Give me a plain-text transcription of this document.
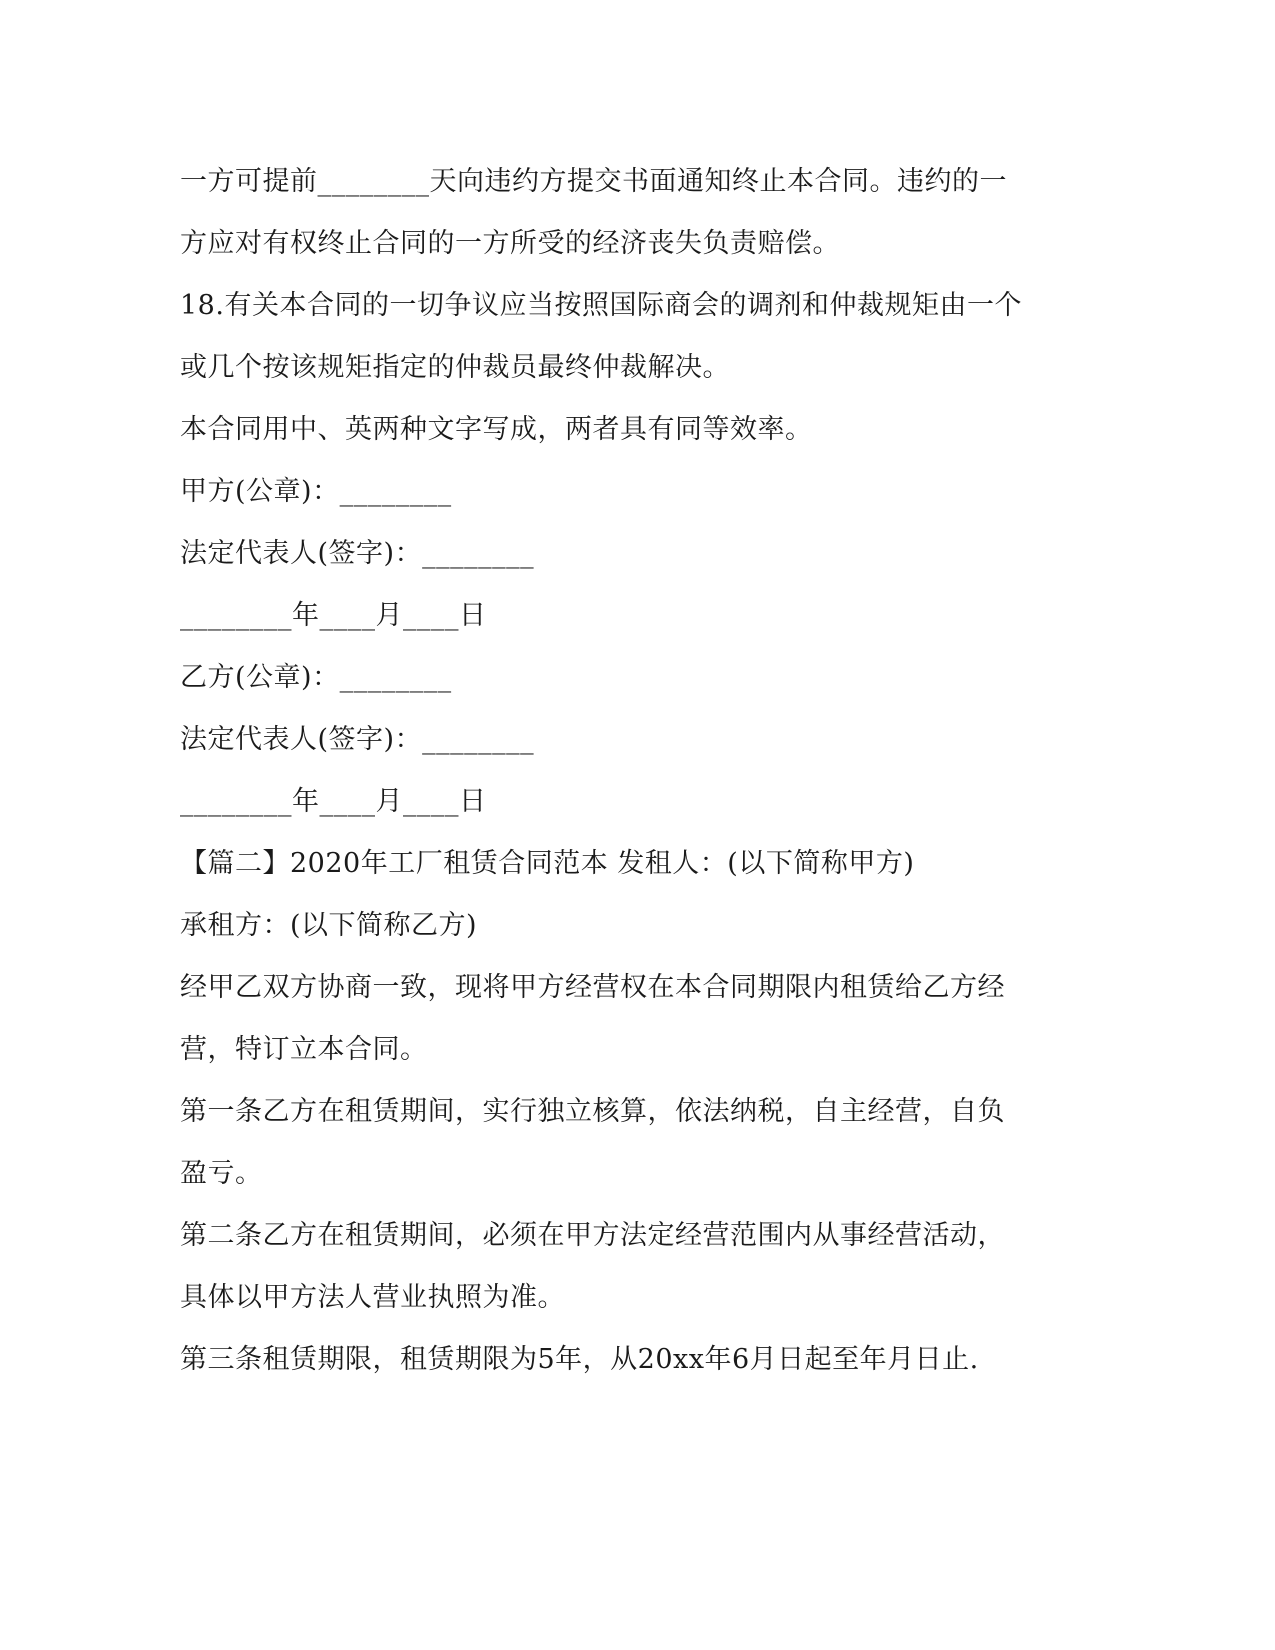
一方可提前________天向违约方提交书面通知终止本合同。违约的一
方应对有权终止合同的一方所受的经济丧失负责赔偿。
18.有关本合同的一切争议应当按照国际商会的调剂和仲裁规矩由一个
或几个按该规矩指定的仲裁员最终仲裁解决。
本合同用中、英两种文字写成，两者具有同等效率。
甲方(公章)：________
法定代表人(签字)：________
________年____月____日
乙方(公章)：________
法定代表人(签字)：________
________年____月____日
【篇二】2020年工厂租赁合同范本 发租人：(以下简称甲方)
承租方：(以下简称乙方)
经甲乙双方协商一致，现将甲方经营权在本合同期限内租赁给乙方经
营，特订立本合同。
第一条乙方在租赁期间，实行独立核算，依法纳税，自主经营，自负
盈亏。
第二条乙方在租赁期间，必须在甲方法定经营范围内从事经营活动，
具体以甲方法人营业执照为准。
第三条租赁期限，租赁期限为5年，从20xx年6月日起至年月日止.
